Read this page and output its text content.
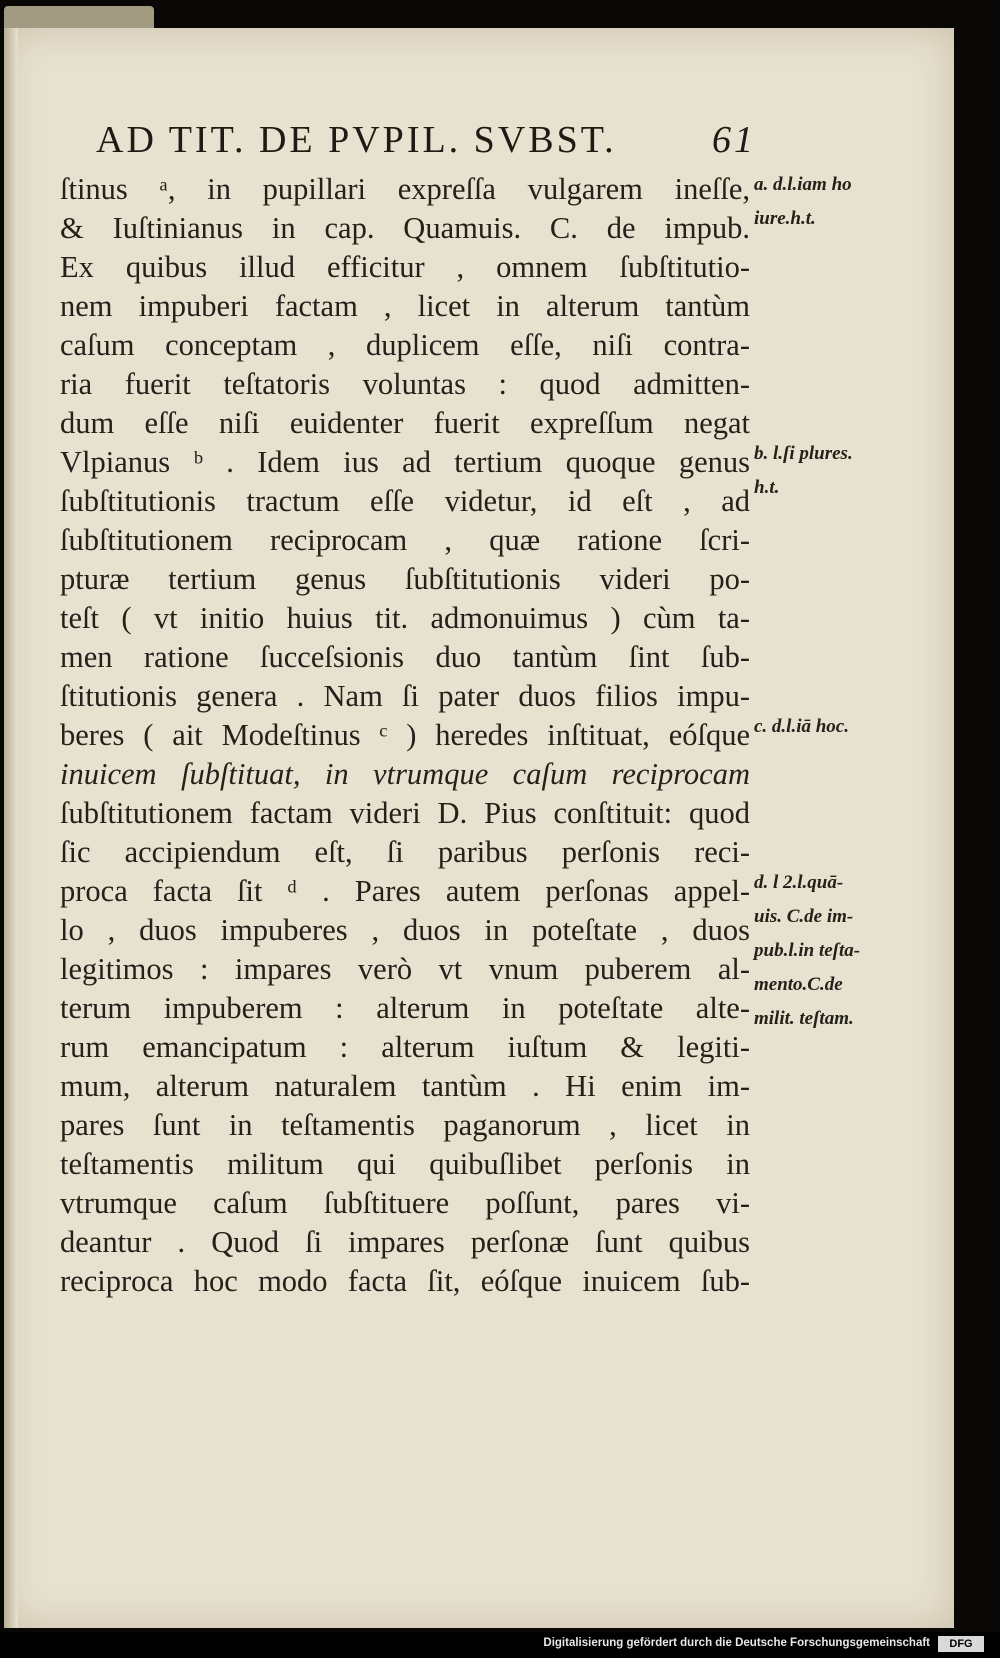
AD TIT. DE PVPIL. SVBST.	61
ſtinus ᵃ, in pupillari expreſſa vulgarem ineſſe,
& Iuſtinianus in cap. Quamuis. C. de impub.
Ex quibus illud efficitur , omnem ſubſtitutio-
nem impuberi factam , licet in alterum tantùm
caſum conceptam , duplicem eſſe, niſi contra-
ria fuerit teſtatoris voluntas : quod admitten-
dum eſſe niſi euidenter fuerit expreſſum negat
Vlpianus ᵇ . Idem ius ad tertium quoque genus
ſubſtitutionis tractum eſſe videtur, id eſt , ad
ſubſtitutionem reciprocam , quæ ratione ſcri-
pturæ tertium genus ſubſtitutionis videri po-
teſt ( vt initio huius tit. admonuimus ) cùm ta-
men ratione ſucceſsionis duo tantùm ſint ſub-
ſtitutionis genera . Nam ſi pater duos filios impu-
beres ( ait Modeſtinus ᶜ ) heredes inſtituat, eóſque
inuicem ſubſtituat, in vtrumque caſum reciprocam
ſubſtitutionem factam videri D. Pius conſtituit: quod
ſic accipiendum eſt, ſi paribus perſonis reci-
proca facta ſit ᵈ . Pares autem perſonas appel-
lo , duos impuberes , duos in poteſtate , duos
legitimos : impares verò vt vnum puberem al-
terum impuberem : alterum in poteſtate alte-
rum emancipatum : alterum iuſtum & legiti-
mum, alterum naturalem tantùm . Hi enim im-
pares ſunt in teſtamentis paganorum , licet in
teſtamentis militum qui quibuſlibet perſonis in
vtrumque caſum ſubſtituere poſſunt, pares vi-
deantur . Quod ſi impares perſonæ ſunt quibus
reciproca hoc modo facta ſit, eóſque inuicem ſub-
a. d.l.iam ho
iure.h.t.
b. l.ſi plures.
h.t.
c. d.l.iā hoc.
d. l 2.l.quā-
uis. C.de im-
pub.l.in teſta-
mento.C.de
milit. teſtam.
Digitalisierung gefördert durch die Deutsche Forschungsgemeinschaft	DFG
